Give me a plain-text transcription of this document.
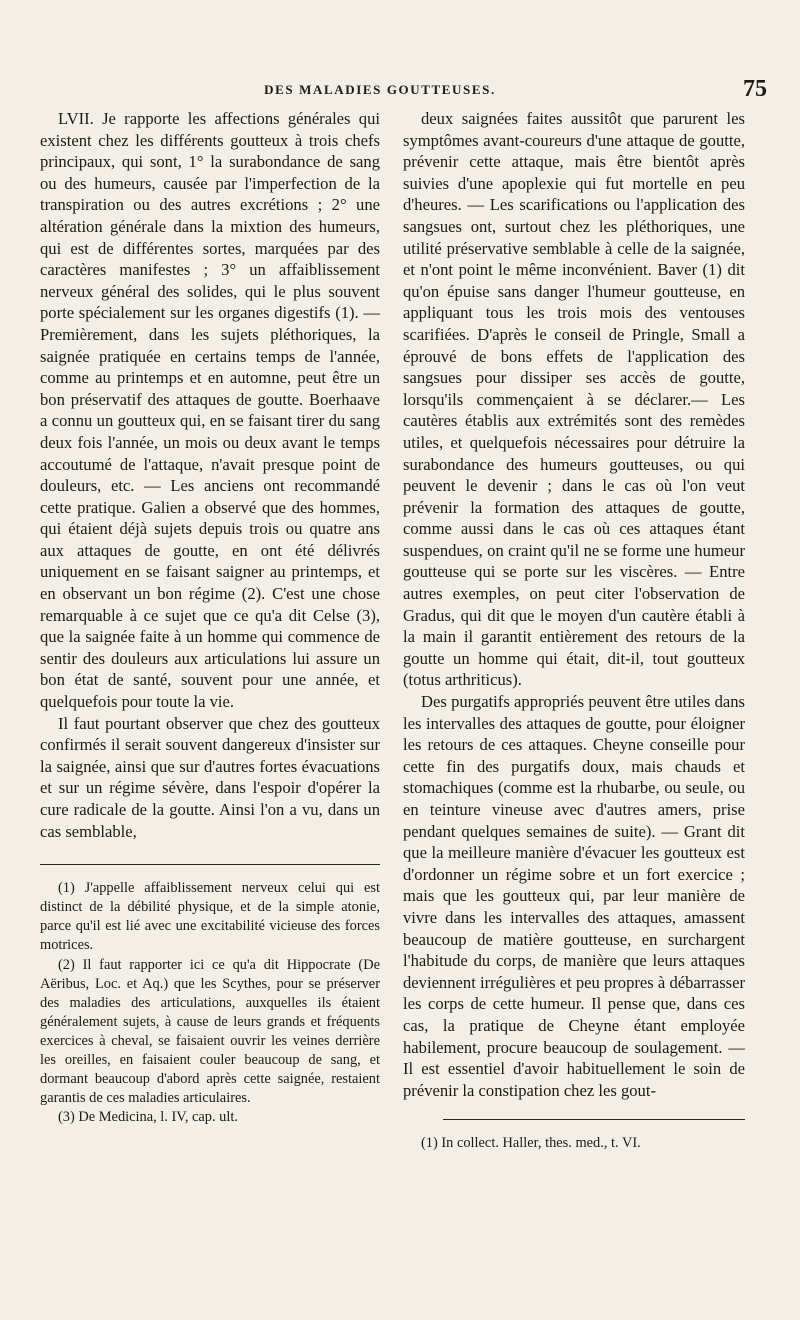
DES MALADIES GOUTTEUSES.	75

LVII. Je rapporte les affections générales qui existent chez les différents goutteux à trois chefs principaux, qui sont, 1° la surabondance de sang ou des humeurs, causée par l'imperfection de la transpiration ou des autres excrétions ; 2° une altération générale dans la mixtion des humeurs, qui est de différentes sortes, marquées par des caractères manifestes ; 3° un affaiblissement nerveux général des solides, qui le plus souvent porte spécialement sur les organes digestifs (1). — Premièrement, dans les sujets pléthoriques, la saignée pratiquée en certains temps de l'année, comme au printemps et en automne, peut être un bon préservatif des attaques de goutte. Boerhaave a connu un goutteux qui, en se faisant tirer du sang deux fois l'année, un mois ou deux avant le temps accoutumé de l'attaque, n'avait presque point de douleurs, etc. — Les anciens ont recommandé cette pratique. Galien a observé que des hommes, qui étaient déjà sujets depuis trois ou quatre ans aux attaques de goutte, en ont été délivrés uniquement en se faisant saigner au printemps, et en observant un bon régime (2). C'est une chose remarquable à ce sujet que ce qu'a dit Celse (3), que la saignée faite à un homme qui commence de sentir des douleurs aux articulations lui assure un bon état de santé, souvent pour une année, et quelquefois pour toute la vie.

Il faut pourtant observer que chez des goutteux confirmés il serait souvent dangereux d'insister sur la saignée, ainsi que sur d'autres fortes évacuations et sur un régime sévère, dans l'espoir d'opérer la cure radicale de la goutte. Ainsi l'on a vu, dans un cas semblable,

(1) J'appelle affaiblissement nerveux celui qui est distinct de la débilité physique, et de la simple atonie, parce qu'il est lié avec une excitabilité vicieuse des forces motrices.

(2) Il faut rapporter ici ce qu'a dit Hippocrate (De Aëribus, Loc. et Aq.) que les Scythes, pour se préserver des maladies des articulations, auxquelles ils étaient généralement sujets, à cause de leurs grands et fréquents exercices à cheval, se faisaient ouvrir les veines derrière les oreilles, en faisaient couler beaucoup de sang, et dormant beaucoup d'abord après cette saignée, restaient garantis de ces maladies articulaires.

(3) De Medicina, l. IV, cap. ult.

deux saignées faites aussitôt que parurent les symptômes avant-coureurs d'une attaque de goutte, prévenir cette attaque, mais être bientôt après suivies d'une apoplexie qui fut mortelle en peu d'heures. — Les scarifications ou l'application des sangsues ont, surtout chez les pléthoriques, une utilité préservative semblable à celle de la saignée, et n'ont point le même inconvénient. Baver (1) dit qu'on épuise sans danger l'humeur goutteuse, en appliquant tous les trois mois des ventouses scarifiées. D'après le conseil de Pringle, Small a éprouvé de bons effets de l'application des sangsues pour dissiper ses accès de goutte, lorsqu'ils commençaient à se déclarer.— Les cautères établis aux extrémités sont des remèdes utiles, et quelquefois nécessaires pour détruire la surabondance des humeurs goutteuses, ou qui peuvent le devenir ; dans le cas où l'on veut prévenir la formation des attaques de goutte, comme aussi dans le cas où ces attaques étant suspendues, on craint qu'il ne se forme une humeur goutteuse qui se porte sur les viscères. — Entre autres exemples, on peut citer l'observation de Gradus, qui dit que le moyen d'un cautère établi à la main il garantit entièrement des retours de la goutte un homme qui était, dit-il, tout goutteux (totus arthriticus).

Des purgatifs appropriés peuvent être utiles dans les intervalles des attaques de goutte, pour éloigner les retours de ces attaques. Cheyne conseille pour cette fin des purgatifs doux, mais chauds et stomachiques (comme est la rhubarbe, ou seule, ou en teinture vineuse avec d'autres amers, prise pendant quelques semaines de suite). — Grant dit que la meilleure manière d'évacuer les goutteux est d'ordonner un régime sobre et un fort exercice ; mais que les goutteux qui, par leur manière de vivre dans les intervalles des attaques, amassent beaucoup de matière goutteuse, en surchargent l'habitude du corps, de manière que leurs attaques deviennent irrégulières et peu propres à débarrasser les corps de cette humeur. Il pense que, dans ces cas, la pratique de Cheyne étant employée habilement, procure beaucoup de soulagement. — Il est essentiel d'avoir habituellement le soin de prévenir la constipation chez les gout-

(1) In collect. Haller, thes. med., t. VI.
